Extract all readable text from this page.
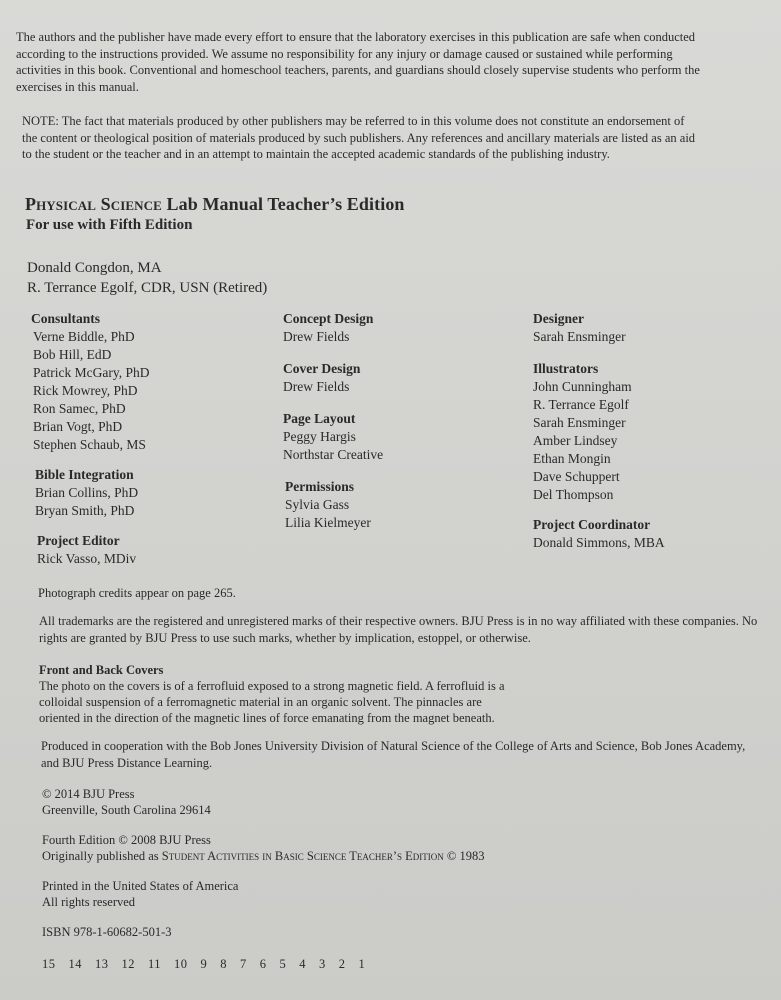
The authors and the publisher have made every effort to ensure that the laboratory exercises in this publication are safe when conducted according to the instructions provided. We assume no responsibility for any injury or damage caused or sustained while performing activities in this book. Conventional and homeschool teachers, parents, and guardians should closely supervise students who perform the exercises in this manual.

NOTE: The fact that materials produced by other publishers may be referred to in this volume does not constitute an endorsement of the content or theological position of materials produced by such publishers. Any references and ancillary materials are listed as an aid to the student or the teacher and in an attempt to maintain the accepted academic standards of the publishing industry.

Physical Science Lab Manual Teacher’s Edition
For use with Fifth Edition
Donald Congdon, MA
R. Terrance Egolf, CDR, USN (Retired)
Consultants
Verne Biddle, PhD
Bob Hill, EdD
Patrick McGary, PhD
Rick Mowrey, PhD
Ron Samec, PhD
Brian Vogt, PhD
Stephen Schaub, MS
Bible Integration
Brian Collins, PhD
Bryan Smith, PhD
Project Editor
Rick Vasso, MDiv
Concept Design
Drew Fields
Cover Design
Drew Fields
Page Layout
Peggy Hargis
Northstar Creative
Permissions
Sylvia Gass
Lilia Kielmeyer
Designer
Sarah Ensminger
Illustrators
John Cunningham
R. Terrance Egolf
Sarah Ensminger
Amber Lindsey
Ethan Mongin
Dave Schuppert
Del Thompson
Project Coordinator
Donald Simmons, MBA
Photograph credits appear on page 265.

All trademarks are the registered and unregistered marks of their respective owners. BJU Press is in no way affiliated with these companies. No rights are granted by BJU Press to use such marks, whether by implication, estoppel, or otherwise.

Front and Back Covers
The photo on the covers is of a ferrofluid exposed to a strong magnetic field. A ferrofluid is a
colloidal suspension of a ferromagnetic material in an organic solvent. The pinnacles are
oriented in the direction of the magnetic lines of force emanating from the magnet beneath.

Produced in cooperation with the Bob Jones University Division of Natural Science of the College of Arts and Science, Bob Jones Academy, and BJU Press Distance Learning.

© 2014 BJU Press
Greenville, South Carolina 29614
Fourth Edition © 2008 BJU Press
Originally published as Student Activities in Basic Science Teacher’s Edition © 1983
Printed in the United States of America
All rights reserved
ISBN 978-1-60682-501-3
15 14 13 12 11 10 9 8 7 6 5 4 3 2 1
